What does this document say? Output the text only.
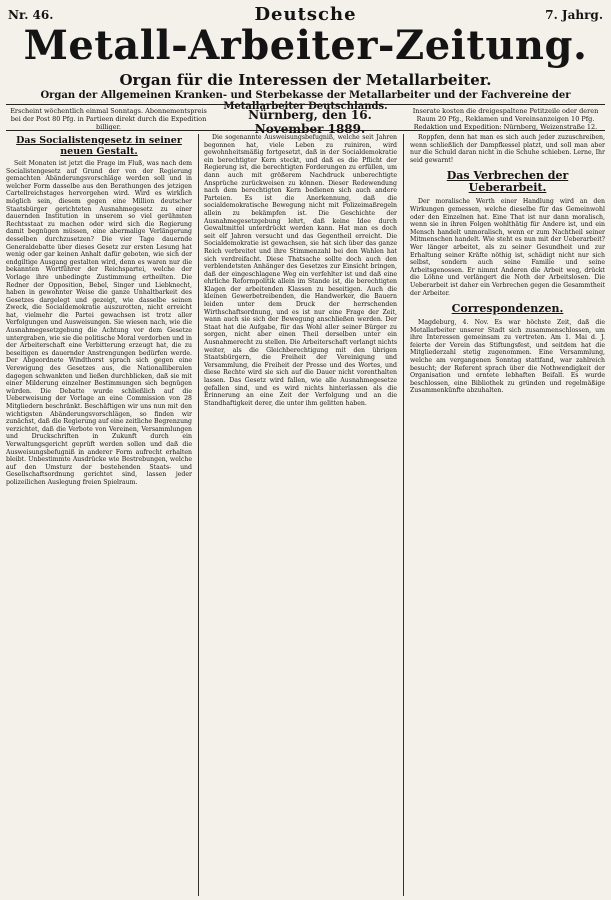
Nr. 46.	Deutsche	7. Jahrg.
Metall-Arbeiter-Zeitung.
Organ für die Interessen der Metallarbeiter.
Organ der Allgemeinen Kranken- und Sterbekasse der Metallarbeiter und der Fachvereine der Metallarbeiter Deutschlands.
Erscheint wöchentlich einmal Sonntags. Abonnementspreis bei der Post 80 Pfg. in Partieen direkt durch die Expedition billiger.
Nürnberg, den 16. November 1889.
Inserate kosten die dreigespaltene Petitzeile oder deren Raum 20 Pfg., Reklamen und Vereinsanzeigen 10 Pfg. Redaktion und Expedition: Nürnberg, Weizenstraße 12.
Das Socialistengesetz in seiner neuen Gestalt.

Seit Monaten ist jetzt die Frage im Fluß, was nach dem Socialistengesetz auf Grund der von der Regierung gemachten Abänderungsvorschläge werden soll und in welcher Form dasselbe aus den Berathungen des jetzigen Cartellreichstages hervorgehen wird. Wird es wirklich möglich sein, diesem gegen eine Million deutscher Staatsbürger gerichteten Ausnahmegesetz zu einer dauernden Institution in unserem so viel gerühmten Rechtsstaat zu machen oder wird sich die Regierung damit begnügen müssen, eine abermalige Verlängerung desselben durchzusetzen? Die vier Tage dauernde Generaldebatte über dieses Gesetz zur ersten Lesung hat wenig oder gar keinen Anhalt dafür geboten, wie sich der endgiltige Ausgang gestalten wird, denn es waren nur die bekannten Wortführer der Reichspartei, welche der Vorlage ihre unbedingte Zustimmung ertheilten. Die Redner der Opposition, Bebel, Singer und Liebknecht, haben in gewohnter Weise die ganze Unhaltbarkeit des Gesetzes dargelegt und gezeigt, wie dasselbe seinen Zweck, die Socialdemokratie auszurotten, nicht erreicht hat, vielmehr die Partei gewachsen ist trotz aller Verfolgungen und Ausweisungen. Sie wiesen nach, wie die Ausnahmegesetzgebung die Achtung vor dem Gesetze untergraben, wie sie die politische Moral verdorben und in der Arbeiterschaft eine Verbitterung erzeugt hat, die zu beseitigen es dauernder Anstrengungen bedürfen werde. Der Abgeordnete Windthorst sprach sich gegen eine Verewigung des Gesetzes aus, die Nationalliberalen dagegen schwankten und ließen durchblicken, daß sie mit einer Milderung einzelner Bestimmungen sich begnügen würden. Die Debatte wurde schließlich auf die Ueberweisung der Vorlage an eine Commission von 28 Mitgliedern beschränkt. Beschäftigen wir uns nun mit den wichtigsten Abänderungsvorschlägen, so finden wir zunächst, daß die Regierung auf eine zeitliche Begrenzung verzichtet, daß die Verbote von Vereinen, Versammlungen und Druckschriften in Zukunft durch ein Verwaltungsgericht geprüft werden sollen und daß die Ausweisungsbefugniß in anderer Form aufrecht erhalten bleibt. Unbestimmte Ausdrücke wie Bestrebungen, welche auf den Umsturz der bestehenden Staats- und Gesellschaftsordnung gerichtet sind, lassen jeder polizeilichen Auslegung freien Spielraum.

Die sogenannte Ausweisungsbefugniß, welche seit Jahren begonnen hat, viele Leben zu ruiniren, wird gewohnheitsmäßig fortgesetzt, daß in der Socialdemokratie ein berechtigter Kern steckt, und daß es die Pflicht der Regierung ist, die berechtigten Forderungen zu erfüllen, um dann auch mit größerem Nachdruck unberechtigte Ansprüche zurückweisen zu können. Dieser Redewendung nach dem berechtigten Kern bedienen sich auch andere Parteien. Es ist die Anerkennung, daß die socialdemokratische Bewegung nicht mit Polizeimaßregeln allein zu bekämpfen ist. Die Geschichte der Ausnahmegesetzgebung lehrt, daß keine Idee durch Gewaltmittel unterdrückt werden kann. Hat man es doch seit elf Jahren versucht und das Gegentheil erreicht. Die Socialdemokratie ist gewachsen, sie hat sich über das ganze Reich verbreitet und ihre Stimmenzahl bei den Wahlen hat sich verdreifacht. Diese Thatsache sollte doch auch den verblendetsten Anhänger des Gesetzes zur Einsicht bringen, daß der eingeschlagene Weg ein verfehlter ist und daß eine ehrliche Reformpolitik allein im Stande ist, die berechtigten Klagen der arbeitenden Klassen zu beseitigen. Auch die kleinen Gewerbetreibenden, die Handwerker, die Bauern leiden unter dem Druck der herrschenden Wirthschaftsordnung, und es ist nur eine Frage der Zeit, wann auch sie sich der Bewegung anschließen werden. Der Staat hat die Aufgabe, für das Wohl aller seiner Bürger zu sorgen, nicht aber einen Theil derselben unter ein Ausnahmerecht zu stellen. Die Arbeiterschaft verlangt nichts weiter, als die Gleichberechtigung mit den übrigen Staatsbürgern, die Freiheit der Vereinigung und Versammlung, die Freiheit der Presse und des Wortes, und diese Rechte wird sie sich auf die Dauer nicht vorenthalten lassen. Das Gesetz wird fallen, wie alle Ausnahmegesetze gefallen sind, und es wird nichts hinterlassen als die Erinnerung an eine Zeit der Verfolgung und an die Standhaftigkeit derer, die unter ihm gelitten haben.

Roppfen, denn hat man es sich auch jeder zuzuschreiben, wenn schließlich der Dampfkessel platzt, und soll man aber nur die Schuld daran nicht in die Schuhe schieben. Lerne, Ihr seid gewarnt!

Das Verbrechen der Ueberarbeit.

Der moralische Werth einer Handlung wird an den Wirkungen gemessen, welche dieselbe für das Gemeinwohl oder den Einzelnen hat. Eine That ist nur dann moralisch, wenn sie in ihren Folgen wohlthätig für Andere ist, und ein Mensch handelt unmoralisch, wenn er zum Nachtheil seiner Mitmenschen handelt. Wie steht es nun mit der Ueberarbeit? Wer länger arbeitet, als zu seiner Gesundheit und zur Erhaltung seiner Kräfte nöthig ist, schädigt nicht nur sich selbst, sondern auch seine Familie und seine Arbeitsgenossen. Er nimmt Anderen die Arbeit weg, drückt die Löhne und verlängert die Noth der Arbeitslosen. Die Ueberarbeit ist daher ein Verbrechen gegen die Gesammtheit der Arbeiter.

Correspondenzen.

Magdeburg, 4. Nov. Es war höchste Zeit, daß die Metallarbeiter unserer Stadt sich zusammenschlossen, um ihre Interessen gemeinsam zu vertreten. Am 1. Mai d. J. feierte der Verein das Stiftungsfest, und seitdem hat die Mitgliederzahl stetig zugenommen. Eine Versammlung, welche am vergangenen Sonntag stattfand, war zahlreich besucht; der Referent sprach über die Nothwendigkeit der Organisation und erntete lebhaften Beifall. Es wurde beschlossen, eine Bibliothek zu gründen und regelmäßige Zusammenkünfte abzuhalten.
